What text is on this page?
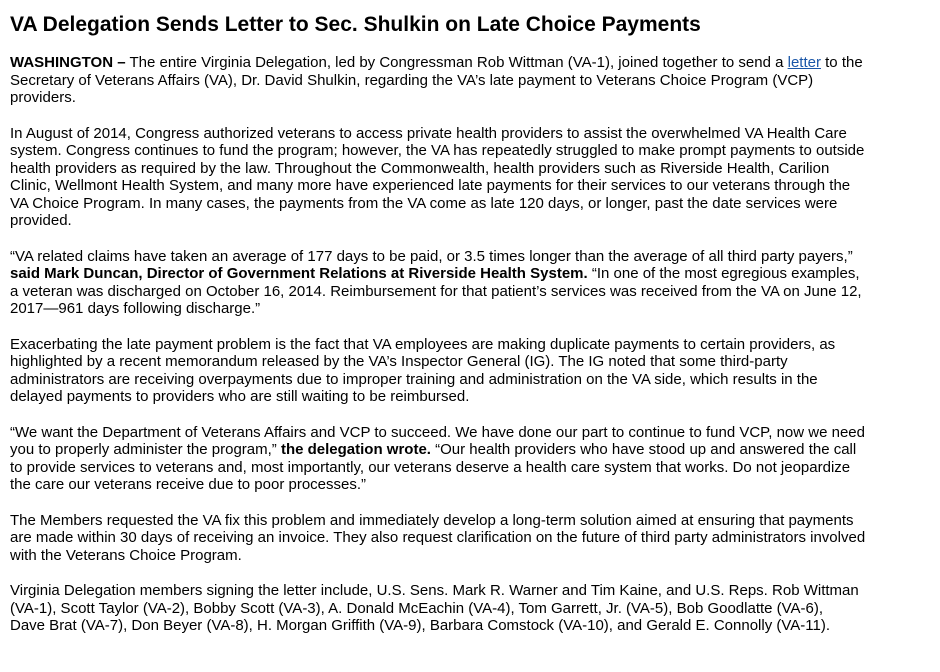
VA Delegation Sends Letter to Sec. Shulkin on Late Choice Payments

WASHINGTON – The entire Virginia Delegation, led by Congressman Rob Wittman (VA-1), joined together to send a letter to the
Secretary of Veterans Affairs (VA), Dr. David Shulkin, regarding the VA’s late payment to Veterans Choice Program (VCP)
providers.

In August of 2014, Congress authorized veterans to access private health providers to assist the overwhelmed VA Health Care
system. Congress continues to fund the program; however, the VA has repeatedly struggled to make prompt payments to outside
health providers as required by the law. Throughout the Commonwealth, health providers such as Riverside Health, Carilion
Clinic, Wellmont Health System, and many more have experienced late payments for their services to our veterans through the
VA Choice Program. In many cases, the payments from the VA come as late 120 days, or longer, past the date services were
provided.

“VA related claims have taken an average of 177 days to be paid, or 3.5 times longer than the average of all third party payers,”
said Mark Duncan, Director of Government Relations at Riverside Health System. “In one of the most egregious examples,
a veteran was discharged on October 16, 2014. Reimbursement for that patient’s services was received from the VA on June 12,
2017—961 days following discharge.”

Exacerbating the late payment problem is the fact that VA employees are making duplicate payments to certain providers, as
highlighted by a recent memorandum released by the VA’s Inspector General (IG). The IG noted that some third-party
administrators are receiving overpayments due to improper training and administration on the VA side, which results in the
delayed payments to providers who are still waiting to be reimbursed.

“We want the Department of Veterans Affairs and VCP to succeed. We have done our part to continue to fund VCP, now we need
you to properly administer the program,” the delegation wrote. “Our health providers who have stood up and answered the call
to provide services to veterans and, most importantly, our veterans deserve a health care system that works. Do not jeopardize
the care our veterans receive due to poor processes.”

The Members requested the VA fix this problem and immediately develop a long-term solution aimed at ensuring that payments
are made within 30 days of receiving an invoice. They also request clarification on the future of third party administrators involved
with the Veterans Choice Program.

Virginia Delegation members signing the letter include, U.S. Sens. Mark R. Warner and Tim Kaine, and U.S. Reps. Rob Wittman
(VA-1), Scott Taylor (VA-2), Bobby Scott (VA-3), A. Donald McEachin (VA-4), Tom Garrett, Jr. (VA-5), Bob Goodlatte (VA-6),
Dave Brat (VA-7), Don Beyer (VA-8), H. Morgan Griffith (VA-9), Barbara Comstock (VA-10), and Gerald E. Connolly (VA-11).
